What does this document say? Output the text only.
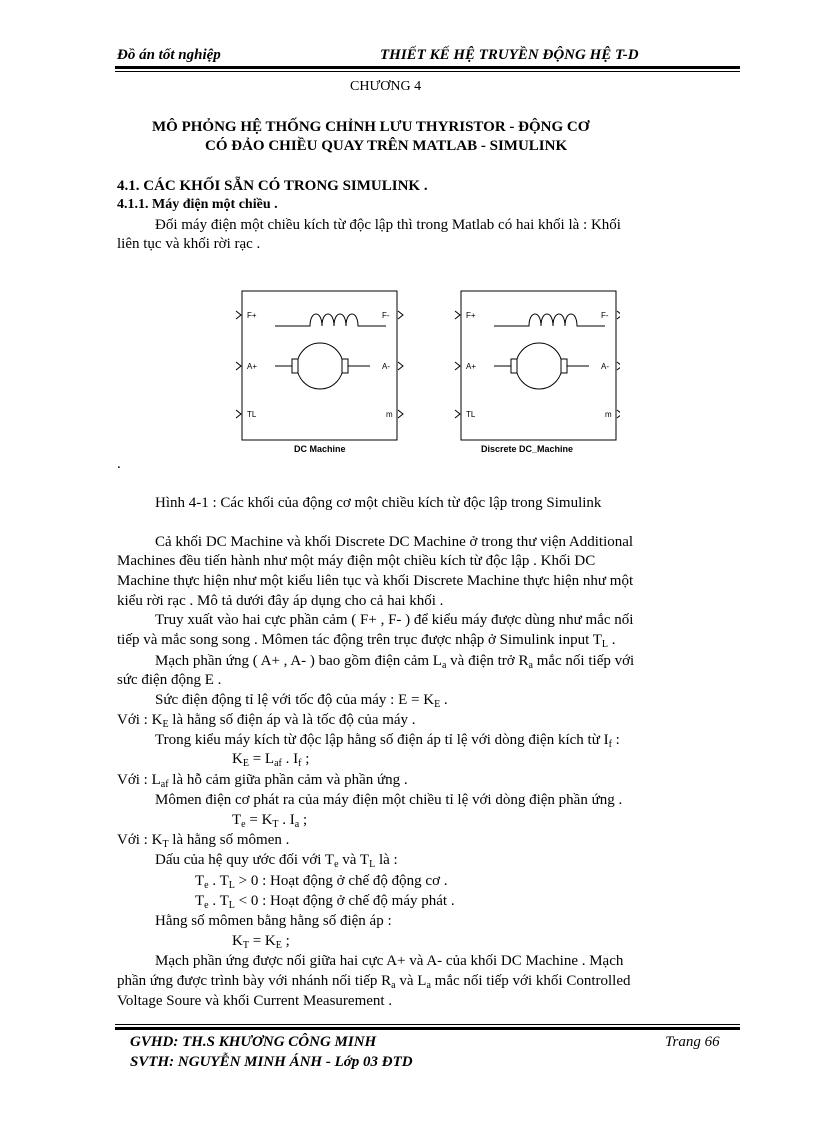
Đồ án tốt nghiệp	THIẾT KẾ HỆ TRUYỀN ĐỘNG HỆ T-D
CHƯƠNG 4
MÔ PHỎNG HỆ THỐNG CHỈNH LƯU THYRISTOR - ĐỘNG CƠ
CÓ ĐẢO CHIỀU QUAY TRÊN MATLAB - SIMULINK
4.1. CÁC KHỐI SẴN CÓ TRONG SIMULINK .
4.1.1. Máy điện một chiều .
Đối máy điện một chiều kích từ độc lập thì trong Matlab có hai khối là : Khối
liên tục và khối rời rạc .
F+
A+
TL
F-
A-
m
DC Machine
F+
A+
TL
F-
A-
m
Discrete DC_Machine
.
Hình 4-1 : Các khối của động cơ một chiều kích từ độc lập trong Simulink
Cả khối DC Machine và khối Discrete DC Machine ở trong thư viện Additional
Machines đều tiến hành như một máy điện một chiều kích từ độc lập . Khối DC
Machine thực hiện như một kiểu liên tục và khối Discrete Machine thực hiện như một
kiểu rời rạc . Mô tả dưới đây áp dụng cho cả hai khối .
Truy xuất vào hai cực phần cảm ( F+ , F- ) để kiểu máy được dùng như mắc nối
tiếp và mắc song song . Mômen tác động trên trục được nhập ở Simulink input $T_L$ .
Mạch phần ứng ( A+ , A- ) bao gồm điện cảm $L_a$ và điện trở $R_a$ mắc nối tiếp với
sức điện động E .
Sức điện động tỉ lệ với tốc độ của máy : $E = K_E$ .
Với : $K_E$ là hằng số điện áp và là tốc độ của máy .
Trong kiểu máy kích từ độc lập hằng số điện áp tỉ lệ với dòng điện kích từ $I_f$ :
$K_E = L_{af}$ . $I_f$ ;
Với : $L_{af}$ là hỗ cảm giữa phần cảm và phần ứng .
Mômen điện cơ phát ra của máy điện một chiều tỉ lệ với dòng điện phần ứng .
$T_e = K_T$ . $I_a$ ;
Với : $K_T$ là hằng số mômen .
Dấu của hệ quy ước đối với $T_e$ và $T_L$ là :
$T_e$ . $T_L > 0$ : Hoạt động ở chế độ động cơ .
$T_e$ . $T_L < 0$ : Hoạt động ở chế độ máy phát .
Hằng số mômen bằng hằng số điện áp :
$K_T = K_E$ ;
Mạch phần ứng được nối giữa hai cực A+ và A- của khối DC Machine . Mạch
phần ứng được trình bày với nhánh nối tiếp $R_a$ và $L_a$ mắc nối tiếp với khối Controlled
Voltage Soure và khối Current Measurement .
GVHD: TH.S KHƯƠNG CÔNG MINH	Trang 66
SVTH: NGUYỄN MINH ÁNH - Lớp 03 ĐTD
